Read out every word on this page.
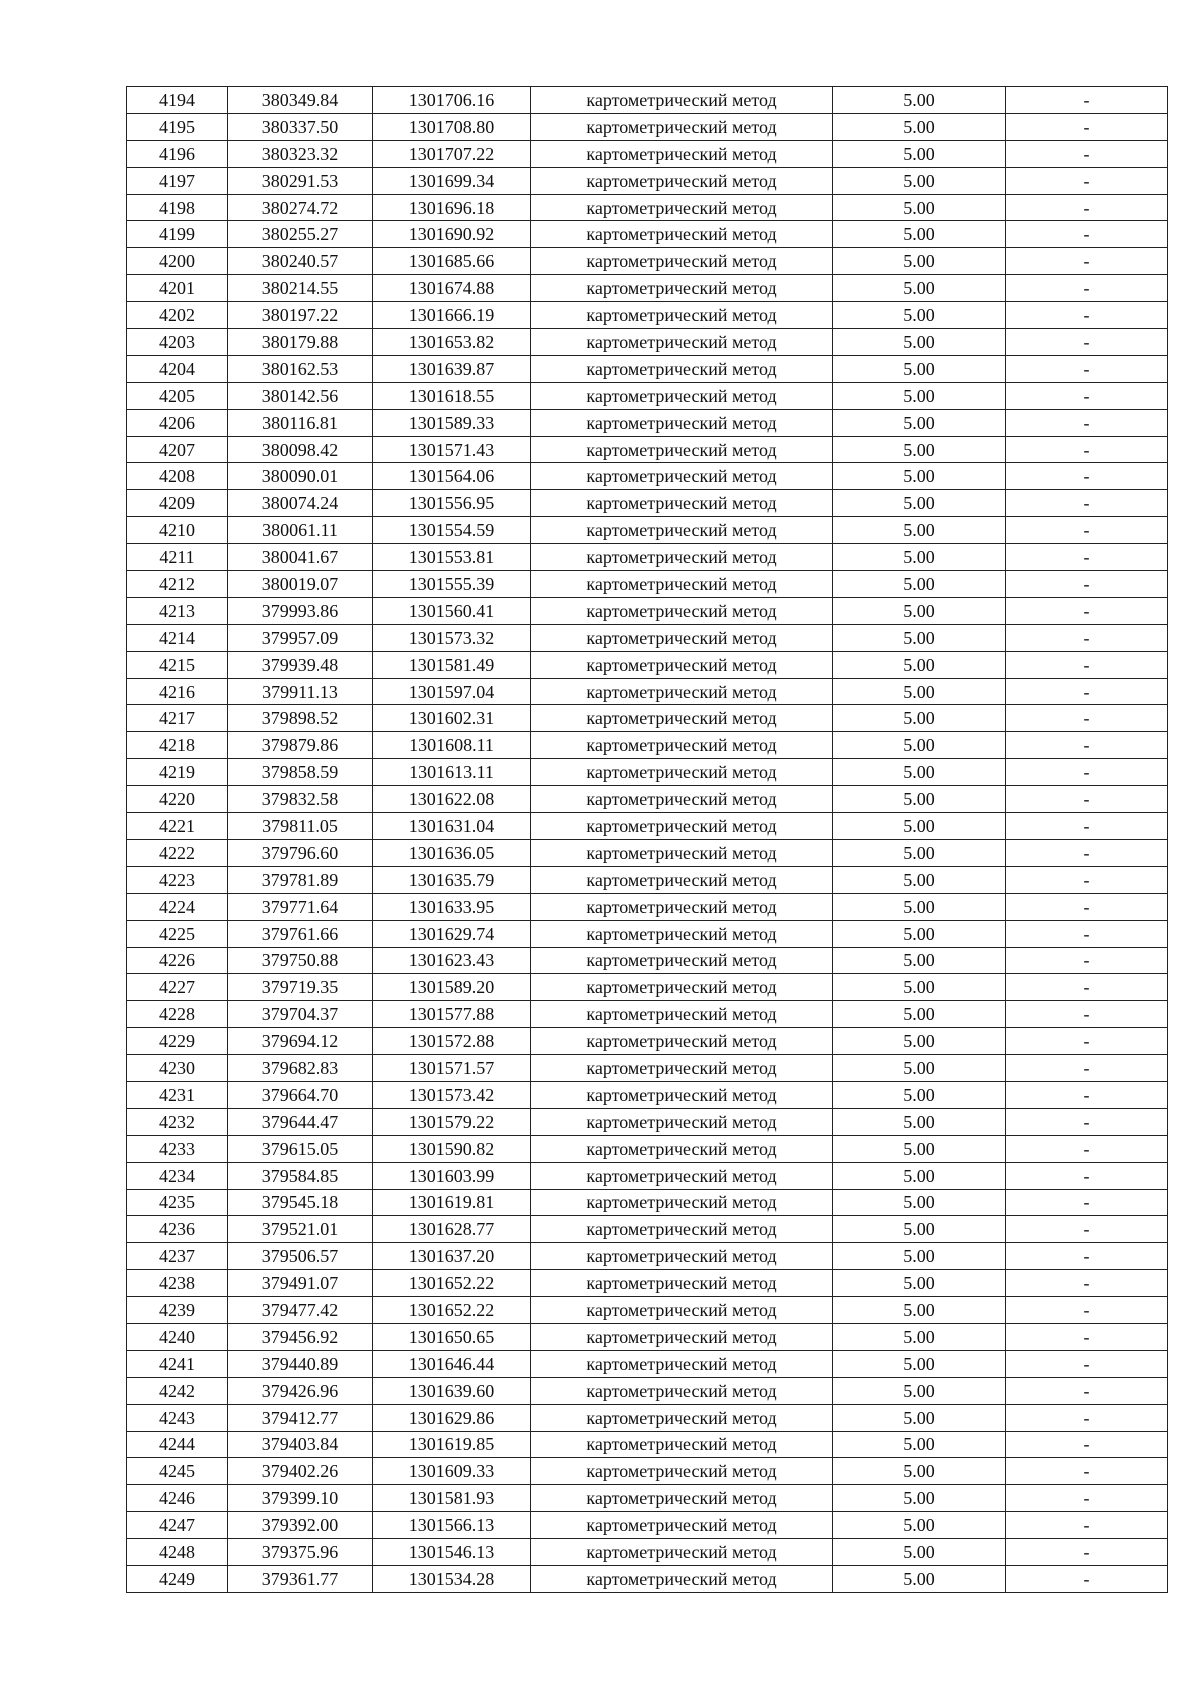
4194	380349.84	1301706.16	картометрический метод	5.00	-
4195	380337.50	1301708.80	картометрический метод	5.00	-
4196	380323.32	1301707.22	картометрический метод	5.00	-
4197	380291.53	1301699.34	картометрический метод	5.00	-
4198	380274.72	1301696.18	картометрический метод	5.00	-
4199	380255.27	1301690.92	картометрический метод	5.00	-
4200	380240.57	1301685.66	картометрический метод	5.00	-
4201	380214.55	1301674.88	картометрический метод	5.00	-
4202	380197.22	1301666.19	картометрический метод	5.00	-
4203	380179.88	1301653.82	картометрический метод	5.00	-
4204	380162.53	1301639.87	картометрический метод	5.00	-
4205	380142.56	1301618.55	картометрический метод	5.00	-
4206	380116.81	1301589.33	картометрический метод	5.00	-
4207	380098.42	1301571.43	картометрический метод	5.00	-
4208	380090.01	1301564.06	картометрический метод	5.00	-
4209	380074.24	1301556.95	картометрический метод	5.00	-
4210	380061.11	1301554.59	картометрический метод	5.00	-
4211	380041.67	1301553.81	картометрический метод	5.00	-
4212	380019.07	1301555.39	картометрический метод	5.00	-
4213	379993.86	1301560.41	картометрический метод	5.00	-
4214	379957.09	1301573.32	картометрический метод	5.00	-
4215	379939.48	1301581.49	картометрический метод	5.00	-
4216	379911.13	1301597.04	картометрический метод	5.00	-
4217	379898.52	1301602.31	картометрический метод	5.00	-
4218	379879.86	1301608.11	картометрический метод	5.00	-
4219	379858.59	1301613.11	картометрический метод	5.00	-
4220	379832.58	1301622.08	картометрический метод	5.00	-
4221	379811.05	1301631.04	картометрический метод	5.00	-
4222	379796.60	1301636.05	картометрический метод	5.00	-
4223	379781.89	1301635.79	картометрический метод	5.00	-
4224	379771.64	1301633.95	картометрический метод	5.00	-
4225	379761.66	1301629.74	картометрический метод	5.00	-
4226	379750.88	1301623.43	картометрический метод	5.00	-
4227	379719.35	1301589.20	картометрический метод	5.00	-
4228	379704.37	1301577.88	картометрический метод	5.00	-
4229	379694.12	1301572.88	картометрический метод	5.00	-
4230	379682.83	1301571.57	картометрический метод	5.00	-
4231	379664.70	1301573.42	картометрический метод	5.00	-
4232	379644.47	1301579.22	картометрический метод	5.00	-
4233	379615.05	1301590.82	картометрический метод	5.00	-
4234	379584.85	1301603.99	картометрический метод	5.00	-
4235	379545.18	1301619.81	картометрический метод	5.00	-
4236	379521.01	1301628.77	картометрический метод	5.00	-
4237	379506.57	1301637.20	картометрический метод	5.00	-
4238	379491.07	1301652.22	картометрический метод	5.00	-
4239	379477.42	1301652.22	картометрический метод	5.00	-
4240	379456.92	1301650.65	картометрический метод	5.00	-
4241	379440.89	1301646.44	картометрический метод	5.00	-
4242	379426.96	1301639.60	картометрический метод	5.00	-
4243	379412.77	1301629.86	картометрический метод	5.00	-
4244	379403.84	1301619.85	картометрический метод	5.00	-
4245	379402.26	1301609.33	картометрический метод	5.00	-
4246	379399.10	1301581.93	картометрический метод	5.00	-
4247	379392.00	1301566.13	картометрический метод	5.00	-
4248	379375.96	1301546.13	картометрический метод	5.00	-
4249	379361.77	1301534.28	картометрический метод	5.00	-
